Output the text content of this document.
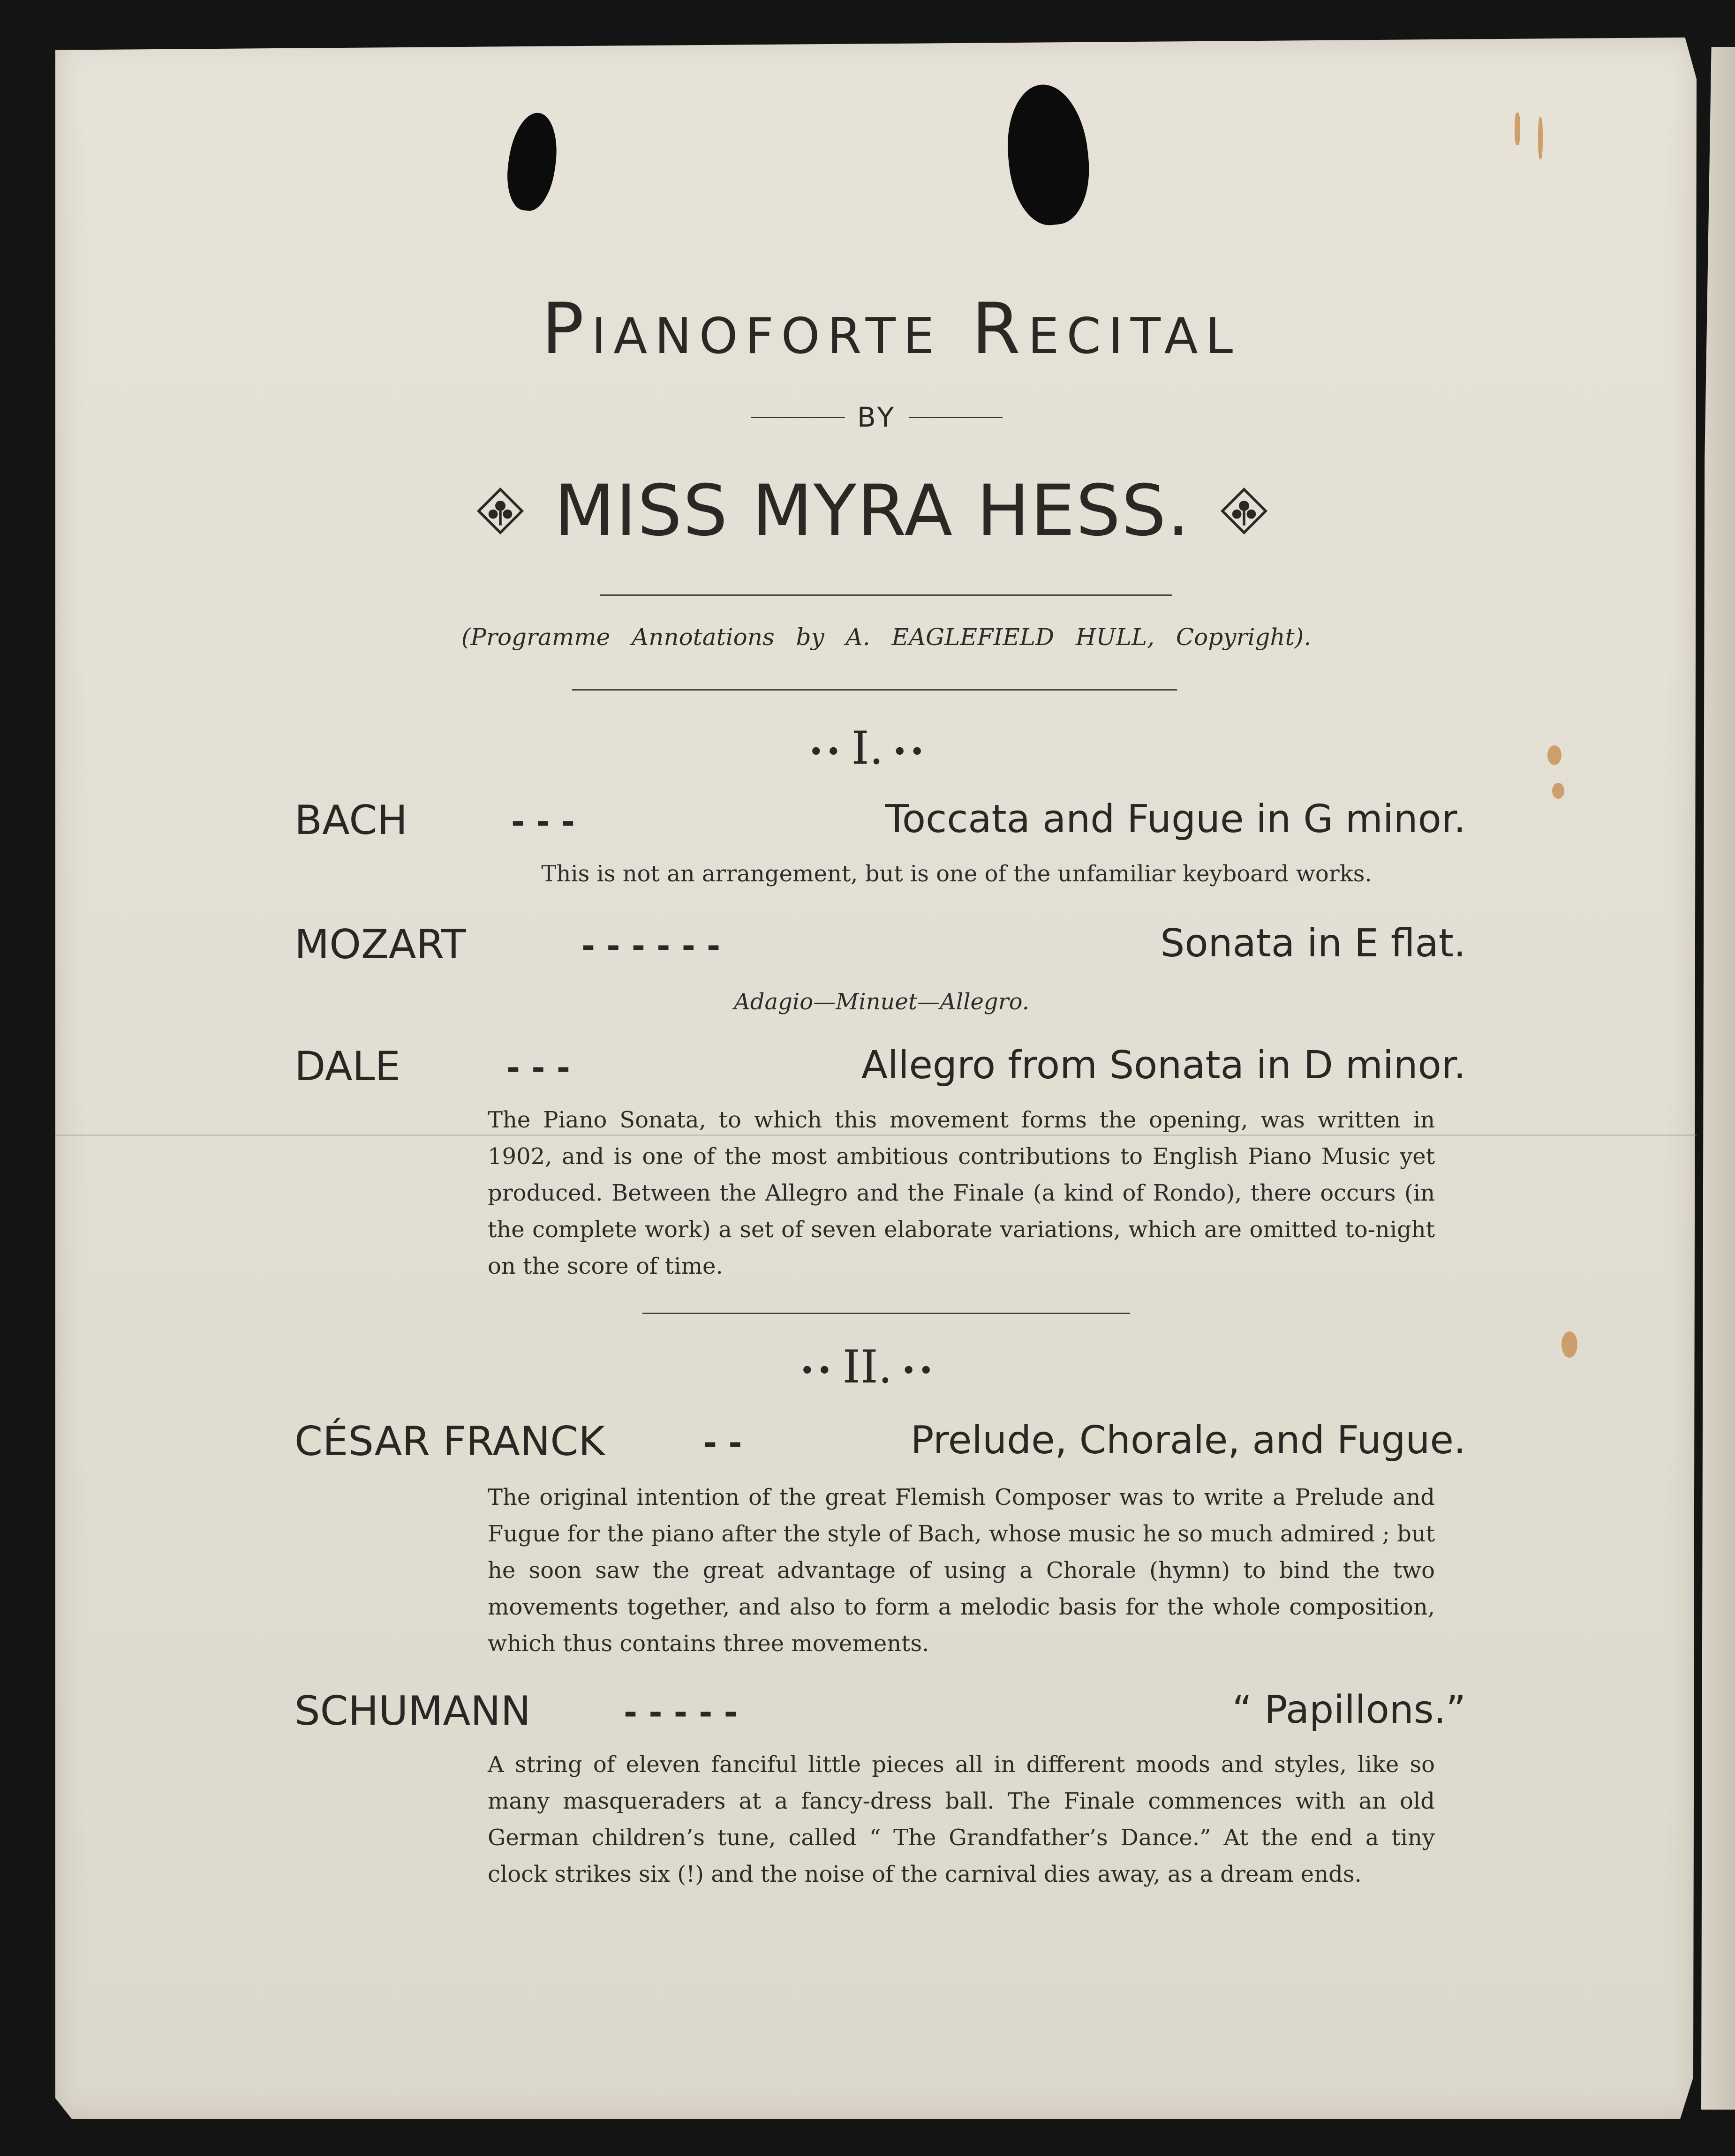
Pianoforte Recital
BY
MISS MYRA HESS.
(Programme Annotations by A. EAGLEFIELD HULL, Copyright).
•• I. ••
BACH	- - -	Toccata and Fugue in G minor.
This is not an arrangement, but is one of the unfamiliar keyboard works.
MOZART	- - - - - -	Sonata in E flat.
Adagio—Minuet—Allegro.
DALE	- - -	Allegro from Sonata in D minor.
The Piano Sonata, to which this movement forms the opening, was written in 1902, and is one of the most ambitious contributions to English Piano Music yet produced. Between the Allegro and the Finale (a kind of Rondo), there occurs (in the complete work) a set of seven elaborate variations, which are omitted to-night on the score of time.
•• II. ••
CÉSAR FRANCK	- -	Prelude, Chorale, and Fugue.
The original intention of the great Flemish Composer was to write a Prelude and Fugue for the piano after the style of Bach, whose music he so much admired ; but he soon saw the great advantage of using a Chorale (hymn) to bind the two movements together, and also to form a melodic basis for the whole composition, which thus contains three movements.
SCHUMANN	- - - - -	“ Papillons.”
A string of eleven fanciful little pieces all in different moods and styles, like so many masqueraders at a fancy-dress ball. The Finale commences with an old German children’s tune, called “ The Grandfather’s Dance.” At the end a tiny clock strikes six (!) and the noise of the carnival dies away, as a dream ends.
